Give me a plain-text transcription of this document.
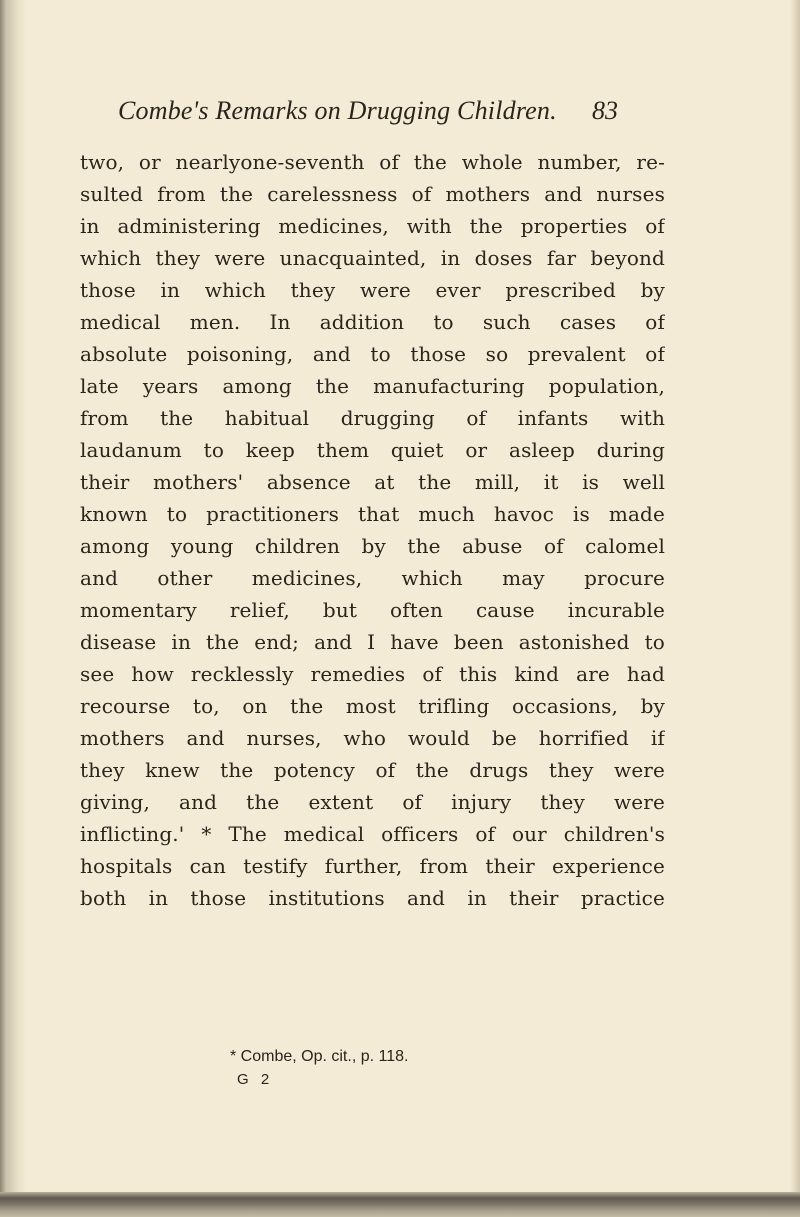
Combe's Remarks on Drugging Children. 83
two, or nearlyone-seventh of the whole number, re-
sulted from the carelessness of mothers and nurses
in administering medicines, with the properties of
which they were unacquainted, in doses far beyond
those in which they were ever prescribed by
medical men. In addition to such cases of
absolute poisoning, and to those so prevalent of
late years among the manufacturing population,
from the habitual drugging of infants with
laudanum to keep them quiet or asleep during
their mothers' absence at the mill, it is well
known to practitioners that much havoc is made
among young children by the abuse of calomel
and other medicines, which may procure
momentary relief, but often cause incurable
disease in the end; and I have been astonished to
see how recklessly remedies of this kind are had
recourse to, on the most trifling occasions, by
mothers and nurses, who would be horrified if
they knew the potency of the drugs they were
giving, and the extent of injury they were
inflicting.' * The medical officers of our children's
hospitals can testify further, from their experience
both in those institutions and in their practice
* Combe, Op. cit., p. 118.
G 2
